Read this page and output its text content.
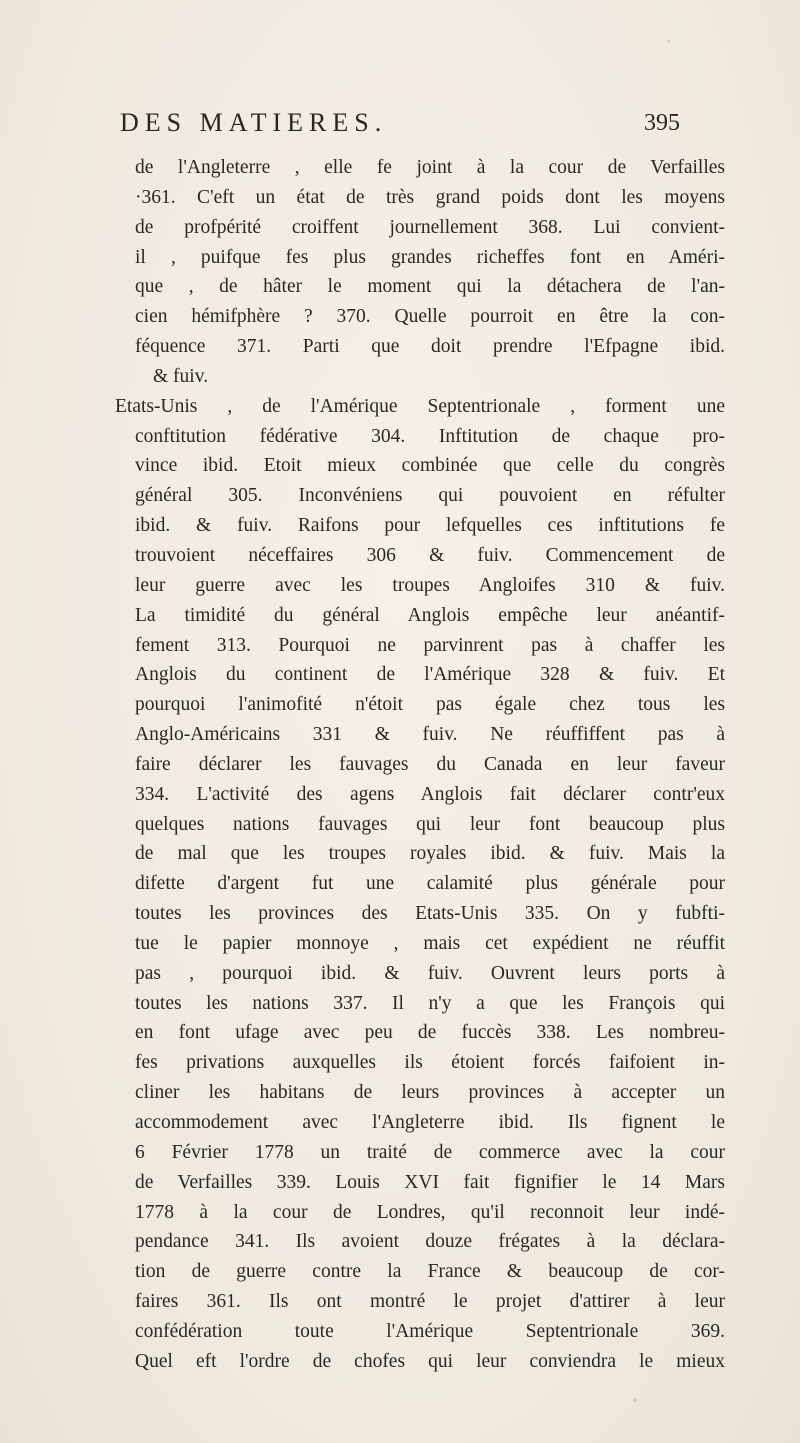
DES MATIERES.	395
de l'Angleterre , elle fe joint à la cour de Verfailles
·361. C'eft un état de très grand poids dont les moyens
de profpérité croiffent journellement 368. Lui convient-
il , puifque fes plus grandes richeffes font en Améri-
que , de hâter le moment qui la détachera de l'an-
cien hémifphère ? 370. Quelle pourroit en être la con-
féquence 371. Parti que doit prendre l'Efpagne ibid.
& fuiv.
Etats-Unis , de l'Amérique Septentrionale , forment une
conftitution fédérative 304. Inftitution de chaque pro-
vince ibid. Etoit mieux combinée que celle du congrès
général 305. Inconvéniens qui pouvoient en réfulter
ibid. & fuiv. Raifons pour lefquelles ces inftitutions fe
trouvoient néceffaires 306 & fuiv. Commencement de
leur guerre avec les troupes Angloifes 310 & fuiv.
La timidité du général Anglois empêche leur anéantif-
fement 313. Pourquoi ne parvinrent pas à chaffer les
Anglois du continent de l'Amérique 328 & fuiv. Et
pourquoi l'animofité n'étoit pas égale chez tous les
Anglo-Américains 331 & fuiv. Ne réuffiffent pas à
faire déclarer les fauvages du Canada en leur faveur
334. L'activité des agens Anglois fait déclarer contr'eux
quelques nations fauvages qui leur font beaucoup plus
de mal que les troupes royales ibid. & fuiv. Mais la
difette d'argent fut une calamité plus générale pour
toutes les provinces des Etats-Unis 335. On y fubfti-
tue le papier monnoye , mais cet expédient ne réuffit
pas , pourquoi ibid. & fuiv. Ouvrent leurs ports à
toutes les nations 337. Il n'y a que les François qui
en font ufage avec peu de fuccès 338. Les nombreu-
fes privations auxquelles ils étoient forcés faifoient in-
cliner les habitans de leurs provinces à accepter un
accommodement avec l'Angleterre ibid. Ils fignent le
6 Février 1778 un traité de commerce avec la cour
de Verfailles 339. Louis XVI fait fignifier le 14 Mars
1778 à la cour de Londres, qu'il reconnoit leur indé-
pendance 341. Ils avoient douze frégates à la déclara-
tion de guerre contre la France & beaucoup de cor-
faires 361. Ils ont montré le projet d'attirer à leur
confédération toute l'Amérique Septentrionale 369.
Quel eft l'ordre de chofes qui leur conviendra le mieux
